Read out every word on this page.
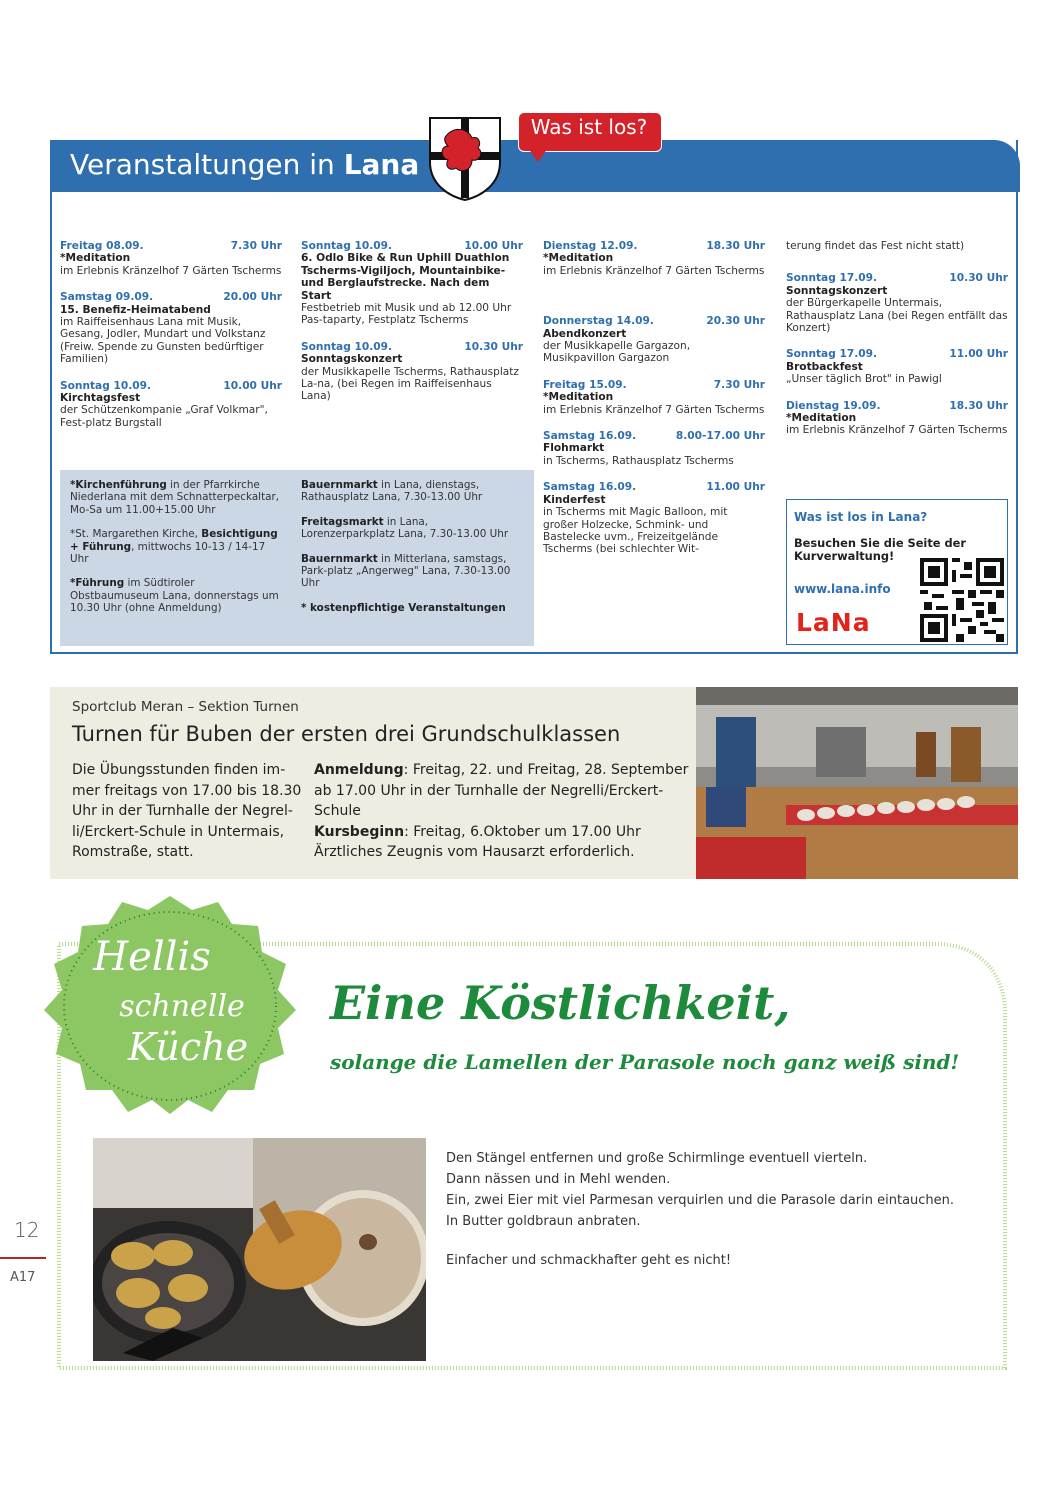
Veranstaltungen in Lana
Was ist los?
Freitag 08.09.	7.30 Uhr
*Meditation
im Erlebnis Kränzelhof 7 Gärten Tscherms
Samstag 09.09.	20.00 Uhr
15. Benefiz-Heimatabend
im Raiffeisenhaus Lana mit Musik, Gesang, Jodler, Mundart und Volkstanz (Freiw. Spende zu Gunsten bedürftiger Familien)
Sonntag 10.09.	10.00 Uhr
Kirchtagsfest
der Schützenkompanie „Graf Volkmar", Fest-platz Burgstall
Sonntag 10.09.	10.00 Uhr
6. Odlo Bike & Run Uphill Duathlon Tscherms-Vigiljoch, Mountainbike- und Berglaufstrecke. Nach dem Start
Festbetrieb mit Musik und ab 12.00 Uhr Pas-taparty, Festplatz Tscherms
Sonntag 10.09.	10.30 Uhr
Sonntagskonzert
der Musikkapelle Tscherms, Rathausplatz La-na, (bei Regen im Raiffeisenhaus Lana)
Dienstag 12.09.	18.30 Uhr
*Meditation
im Erlebnis Kränzelhof 7 Gärten Tscherms
Donnerstag 14.09.	20.30 Uhr
Abendkonzert
der Musikkapelle Gargazon, Musikpavillon Gargazon
Freitag 15.09.	7.30 Uhr
*Meditation
im Erlebnis Kränzelhof 7 Gärten Tscherms
Samstag 16.09.	8.00-17.00 Uhr
Flohmarkt
in Tscherms, Rathausplatz Tscherms
Samstag 16.09.	11.00 Uhr
Kinderfest
in Tscherms mit Magic Balloon, mit großer Holzecke, Schmink- und Bastelecke uvm., Freizeitgelände Tscherms (bei schlechter Wit-
terung findet das Fest nicht statt)
Sonntag 17.09.	10.30 Uhr
Sonntagskonzert
der Bürgerkapelle Untermais, Rathausplatz Lana (bei Regen entfällt das Konzert)
Sonntag 17.09.	11.00 Uhr
Brotbackfest
„Unser täglich Brot" in Pawigl
Dienstag 19.09.	18.30 Uhr
*Meditation
im Erlebnis Kränzelhof 7 Gärten Tscherms

*Kirchenführung in der Pfarrkirche Niederlana mit dem Schnatterpeckaltar, Mo-Sa um 11.00+15.00 Uhr

*St. Margarethen Kirche, Besichtigung + Führung, mittwochs 10-13 / 14-17 Uhr

*Führung im Südtiroler Obstbaumuseum Lana, donnerstags um 10.30 Uhr (ohne Anmeldung)

Bauernmarkt in Lana, dienstags, Rathausplatz Lana, 7.30-13.00 Uhr

Freitagsmarkt in Lana, Lorenzerparkplatz Lana, 7.30-13.00 Uhr

Bauernmarkt in Mitterlana, samstags, Park-platz „Angerweg" Lana, 7.30-13.00 Uhr

* kostenpflichtige Veranstaltungen

Was ist los in Lana?
Besuchen Sie die Seite der Kurverwaltung!
www.lana.info
LaNa
Sportclub Meran – Sektion Turnen
Turnen für Buben der ersten drei Grundschulklassen
Die Übungsstunden finden im-mer freitags von 17.00 bis 18.30 Uhr in der Turnhalle der Negrel-li/Erckert-Schule in Untermais, Romstraße, statt.
Anmeldung: Freitag, 22. und Freitag, 28. September ab 17.00 Uhr in der Turnhalle der Negrelli/Erckert-Schule
Kursbeginn: Freitag, 6.Oktober um 17.00 Uhr
Ärztliches Zeugnis vom Hausarzt erforderlich.
Hellis
schnelle
Küche
Eine Köstlichkeit,
solange die Lamellen der Parasole noch ganz weiß sind!

Den Stängel entfernen und große Schirmlinge eventuell vierteln.

Dann nässen und in Mehl wenden.

Ein, zwei Eier mit viel Parmesan verquirlen und die Parasole darin eintauchen.

In Butter goldbraun anbraten.

Einfacher und schmackhafter geht es nicht!

12
A17
